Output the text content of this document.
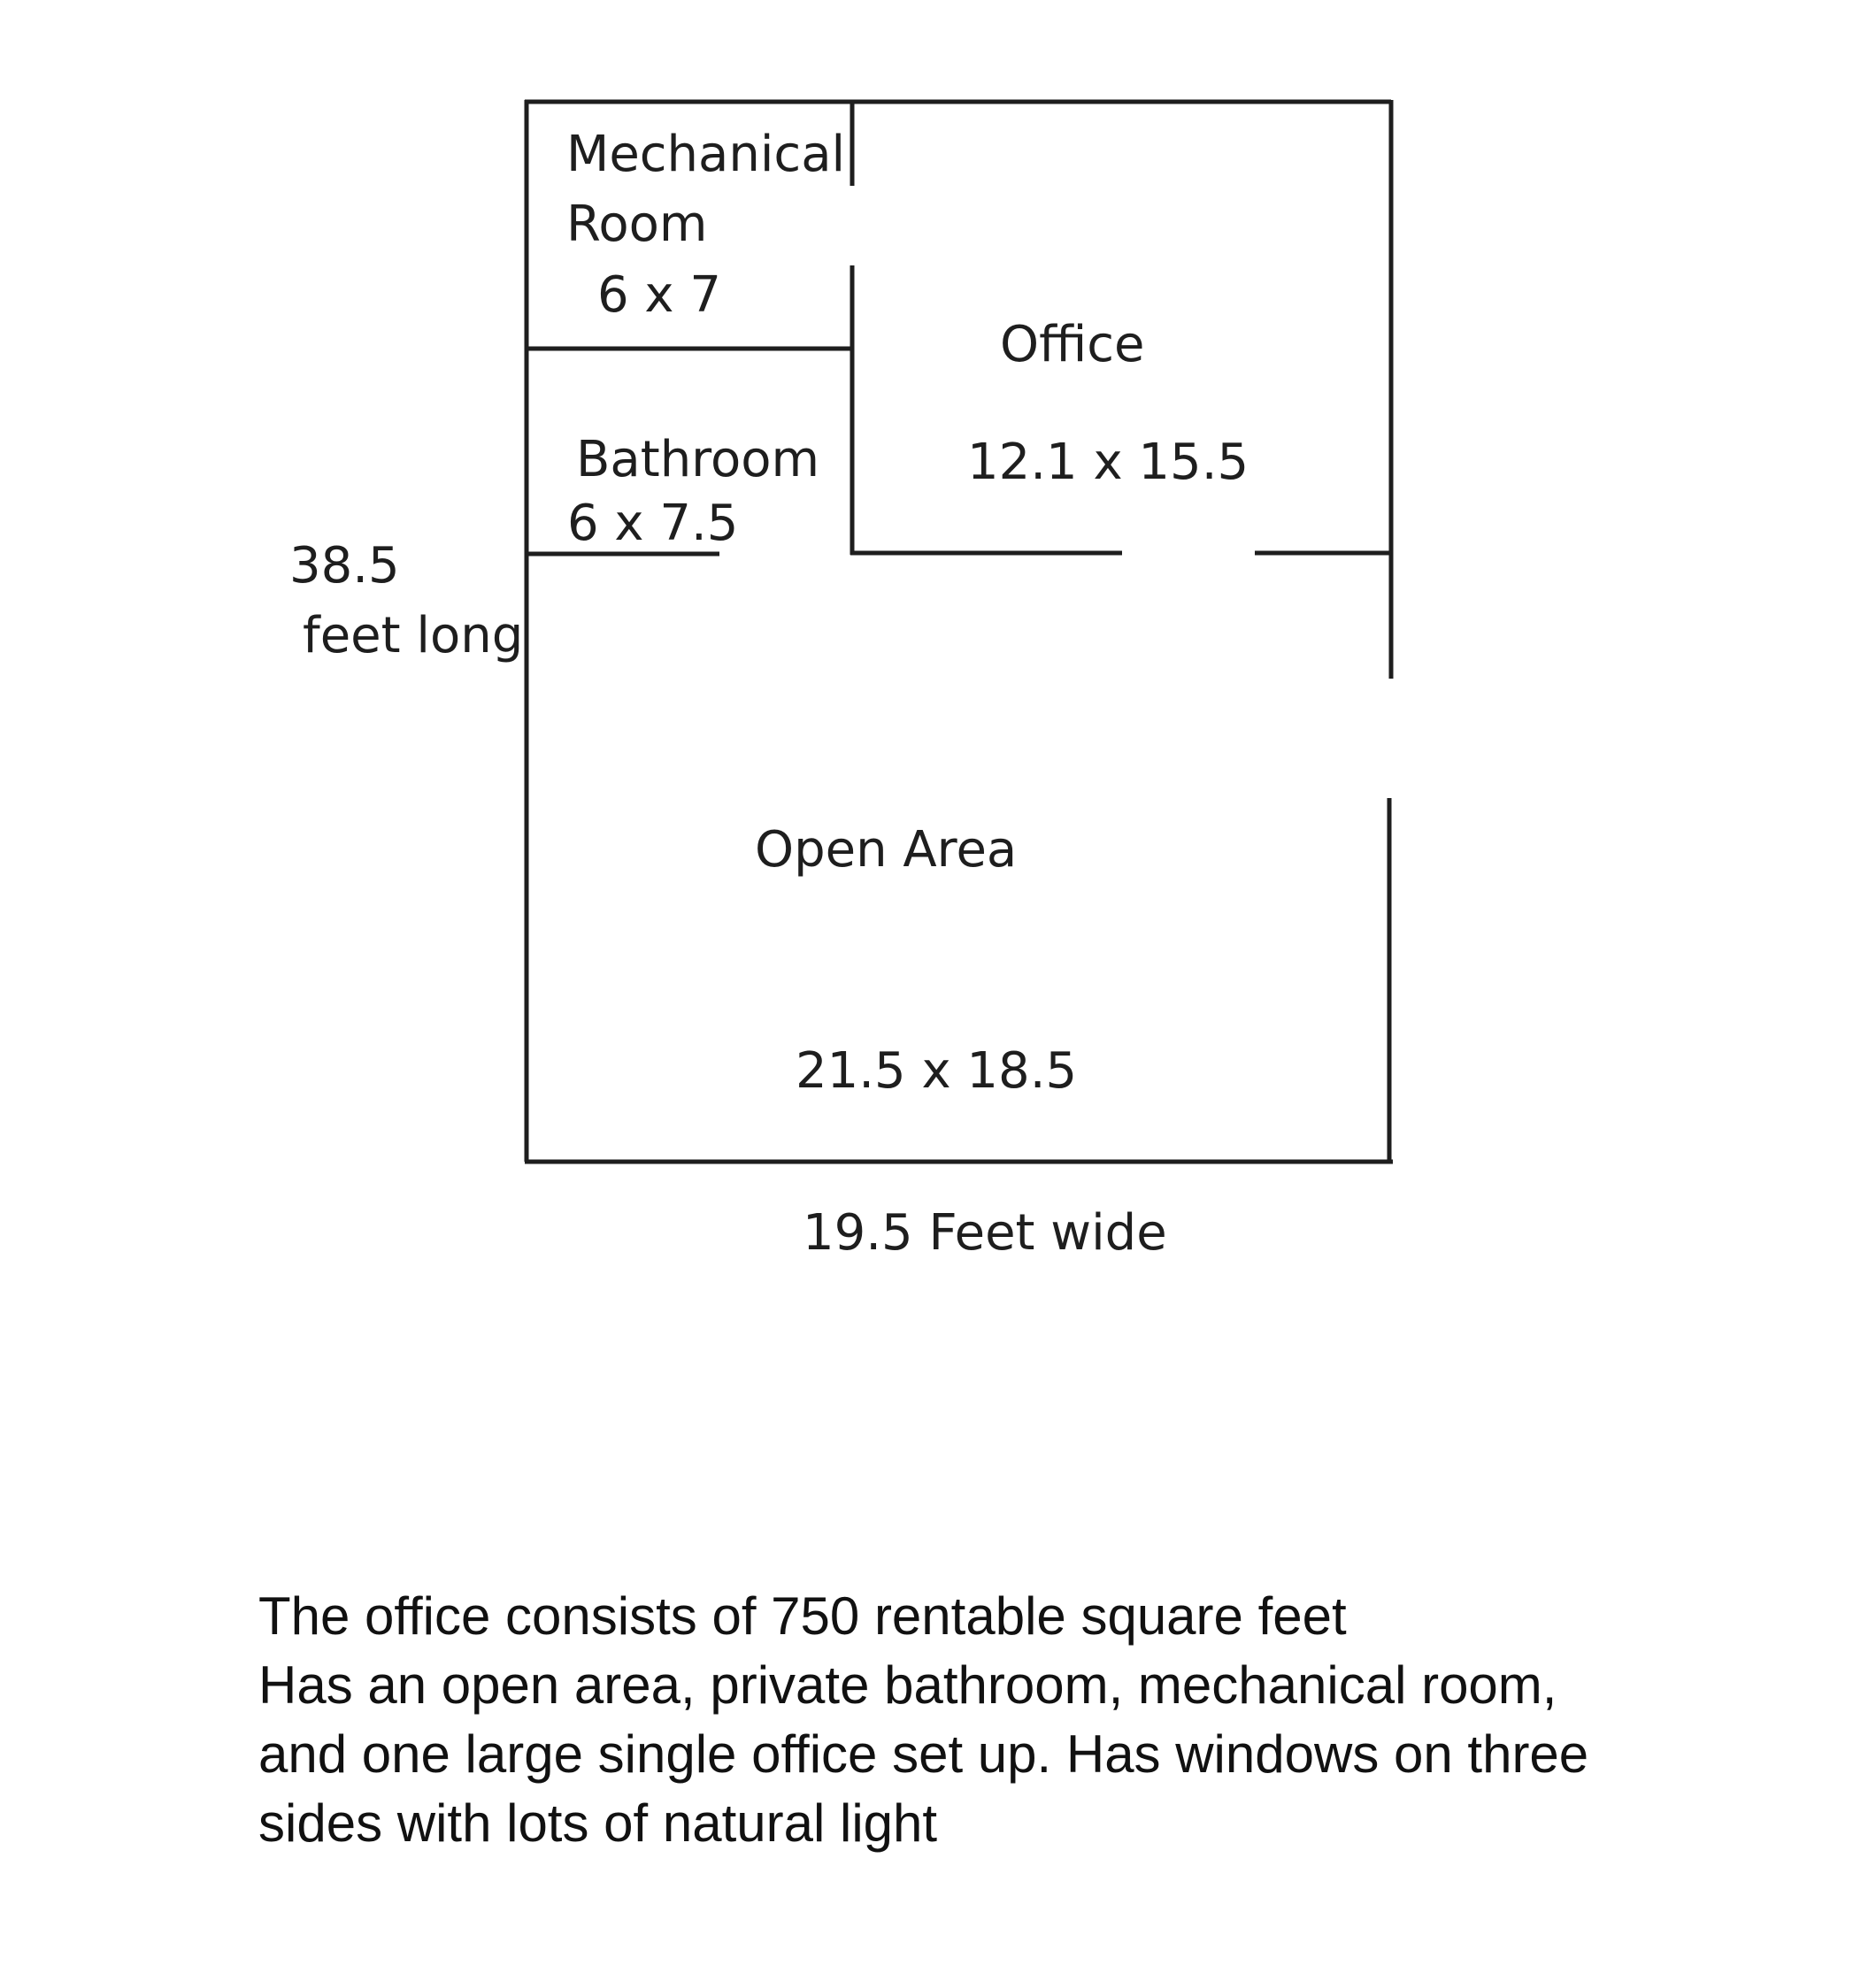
Mechanical
Room
6 x 7
Bathroom
6 x 7.5
Office
12.1 x 15.5
Open Area
21.5 x 18.5
38.5
feet long
19.5 Feet wide
The office consists of 750 rentable square feet
Has an open area, private bathroom, mechanical room,
and one large single office set up. Has windows on three
sides with lots of natural light
